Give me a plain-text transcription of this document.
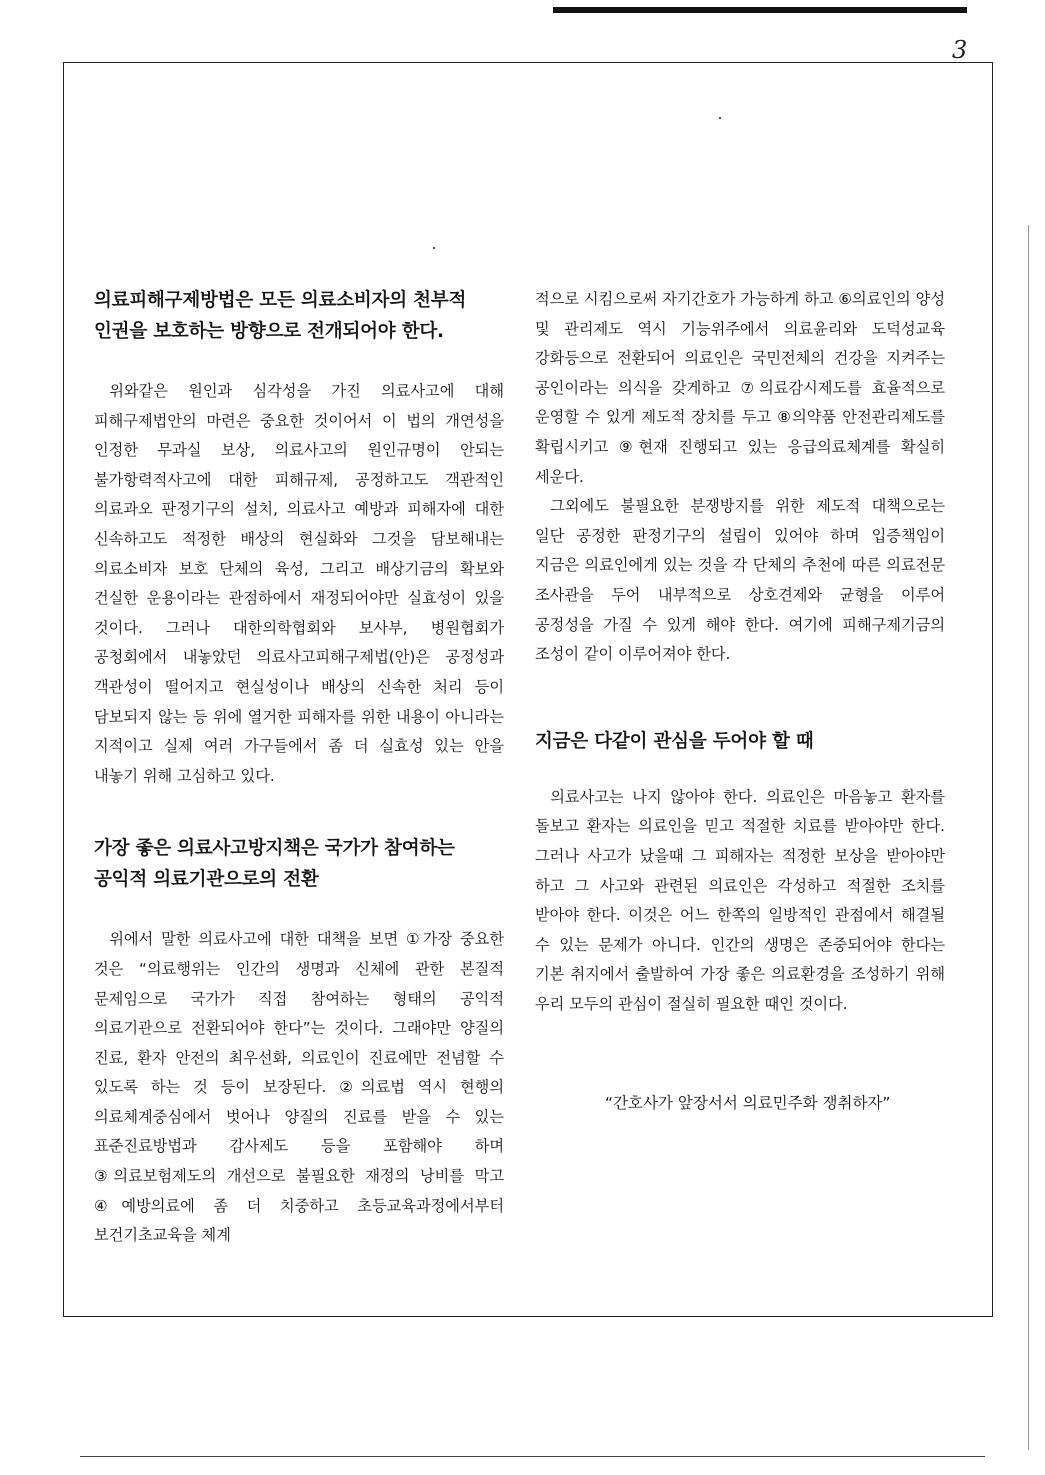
3
의료피해구제방법은 모든 의료소비자의 천부적 인권을 보호하는 방향으로 전개되어야 한다.

위와같은 원인과 심각성을 가진 의료사고에 대해 피해구제법안의 마련은 중요한 것이어서 이 법의 개연성을 인정한 무과실 보상, 의료사고의 원인규명이 안되는 불가항력적사고에 대한 피해규제, 공정하고도 객관적인 의료과오 판정기구의 설치, 의료사고 예방과 피해자에 대한 신속하고도 적정한 배상의 현실화와 그것을 담보해내는 의료소비자 보호 단체의 육성, 그리고 배상기금의 확보와 건실한 운용이라는 관점하에서 재정되어야만 실효성이 있을 것이다. 그러나 대한의학협회와 보사부, 병원협회가 공청회에서 내놓았던 의료사고피해구제법(안)은 공정성과 객관성이 떨어지고 현실성이나 배상의 신속한 처리 등이 담보되지 않는 등 위에 열거한 피해자를 위한 내용이 아니라는 지적이고 실제 여러 가구들에서 좀 더 실효성 있는 안을 내놓기 위해 고심하고 있다.

가장 좋은 의료사고방지책은 국가가 참여하는 공익적 의료기관으로의 전환

위에서 말한 의료사고에 대한 대책을 보면 ①가장 중요한 것은 “의료행위는 인간의 생명과 신체에 관한 본질적 문제임으로 국가가 직접 참여하는 형태의 공익적 의료기관으로 전환되어야 한다”는 것이다. 그래야만 양질의 진료, 환자 안전의 최우선화, 의료인이 진료에만 전념할 수 있도록 하는 것 등이 보장된다. ②의료법 역시 현행의 의료체계중심에서 벗어나 양질의 진료를 받을 수 있는 표준진료방법과 감사제도 등을 포함해야 하며 ③의료보험제도의 개선으로 불필요한 재정의 낭비를 막고 ④예방의료에 좀 더 치중하고 초등교육과정에서부터 보건기초교육을 체계

적으로 시킴으로써 자기간호가 가능하게 하고 ⑥의료인의 양성 및 관리제도 역시 기능위주에서 의료윤리와 도덕성교육 강화등으로 전환되어 의료인은 국민전체의 건강을 지켜주는 공인이라는 의식을 갖게하고 ⑦의료감시제도를 효율적으로 운영할 수 있게 제도적 장치를 두고 ⑧의약품 안전관리제도를 확립시키고 ⑨현재 진행되고 있는 응급의료체계를 확실히 세운다.

그외에도 불필요한 분쟁방지를 위한 제도적 대책으로는 일단 공정한 판정기구의 설립이 있어야 하며 입증책임이 지금은 의료인에게 있는 것을 각 단체의 추천에 따른 의료전문 조사관을 두어 내부적으로 상호견제와 균형을 이루어 공정성을 가질 수 있게 해야 한다. 여기에 피해구제기금의 조성이 같이 이루어져야 한다.

지금은 다같이 관심을 두어야 할 때

의료사고는 나지 않아야 한다. 의료인은 마음놓고 환자를 돌보고 환자는 의료인을 믿고 적절한 치료를 받아야만 한다. 그러나 사고가 났을때 그 피해자는 적정한 보상을 받아야만 하고 그 사고와 관련된 의료인은 각성하고 적절한 조치를 받아야 한다. 이것은 어느 한쪽의 일방적인 관점에서 해결될 수 있는 문제가 아니다. 인간의 생명은 존중되어야 한다는 기본 취지에서 출발하여 가장 좋은 의료환경을 조성하기 위해 우리 모두의 관심이 절실히 필요한 때인 것이다.

“간호사가 앞장서서 의료민주화 쟁취하자”
